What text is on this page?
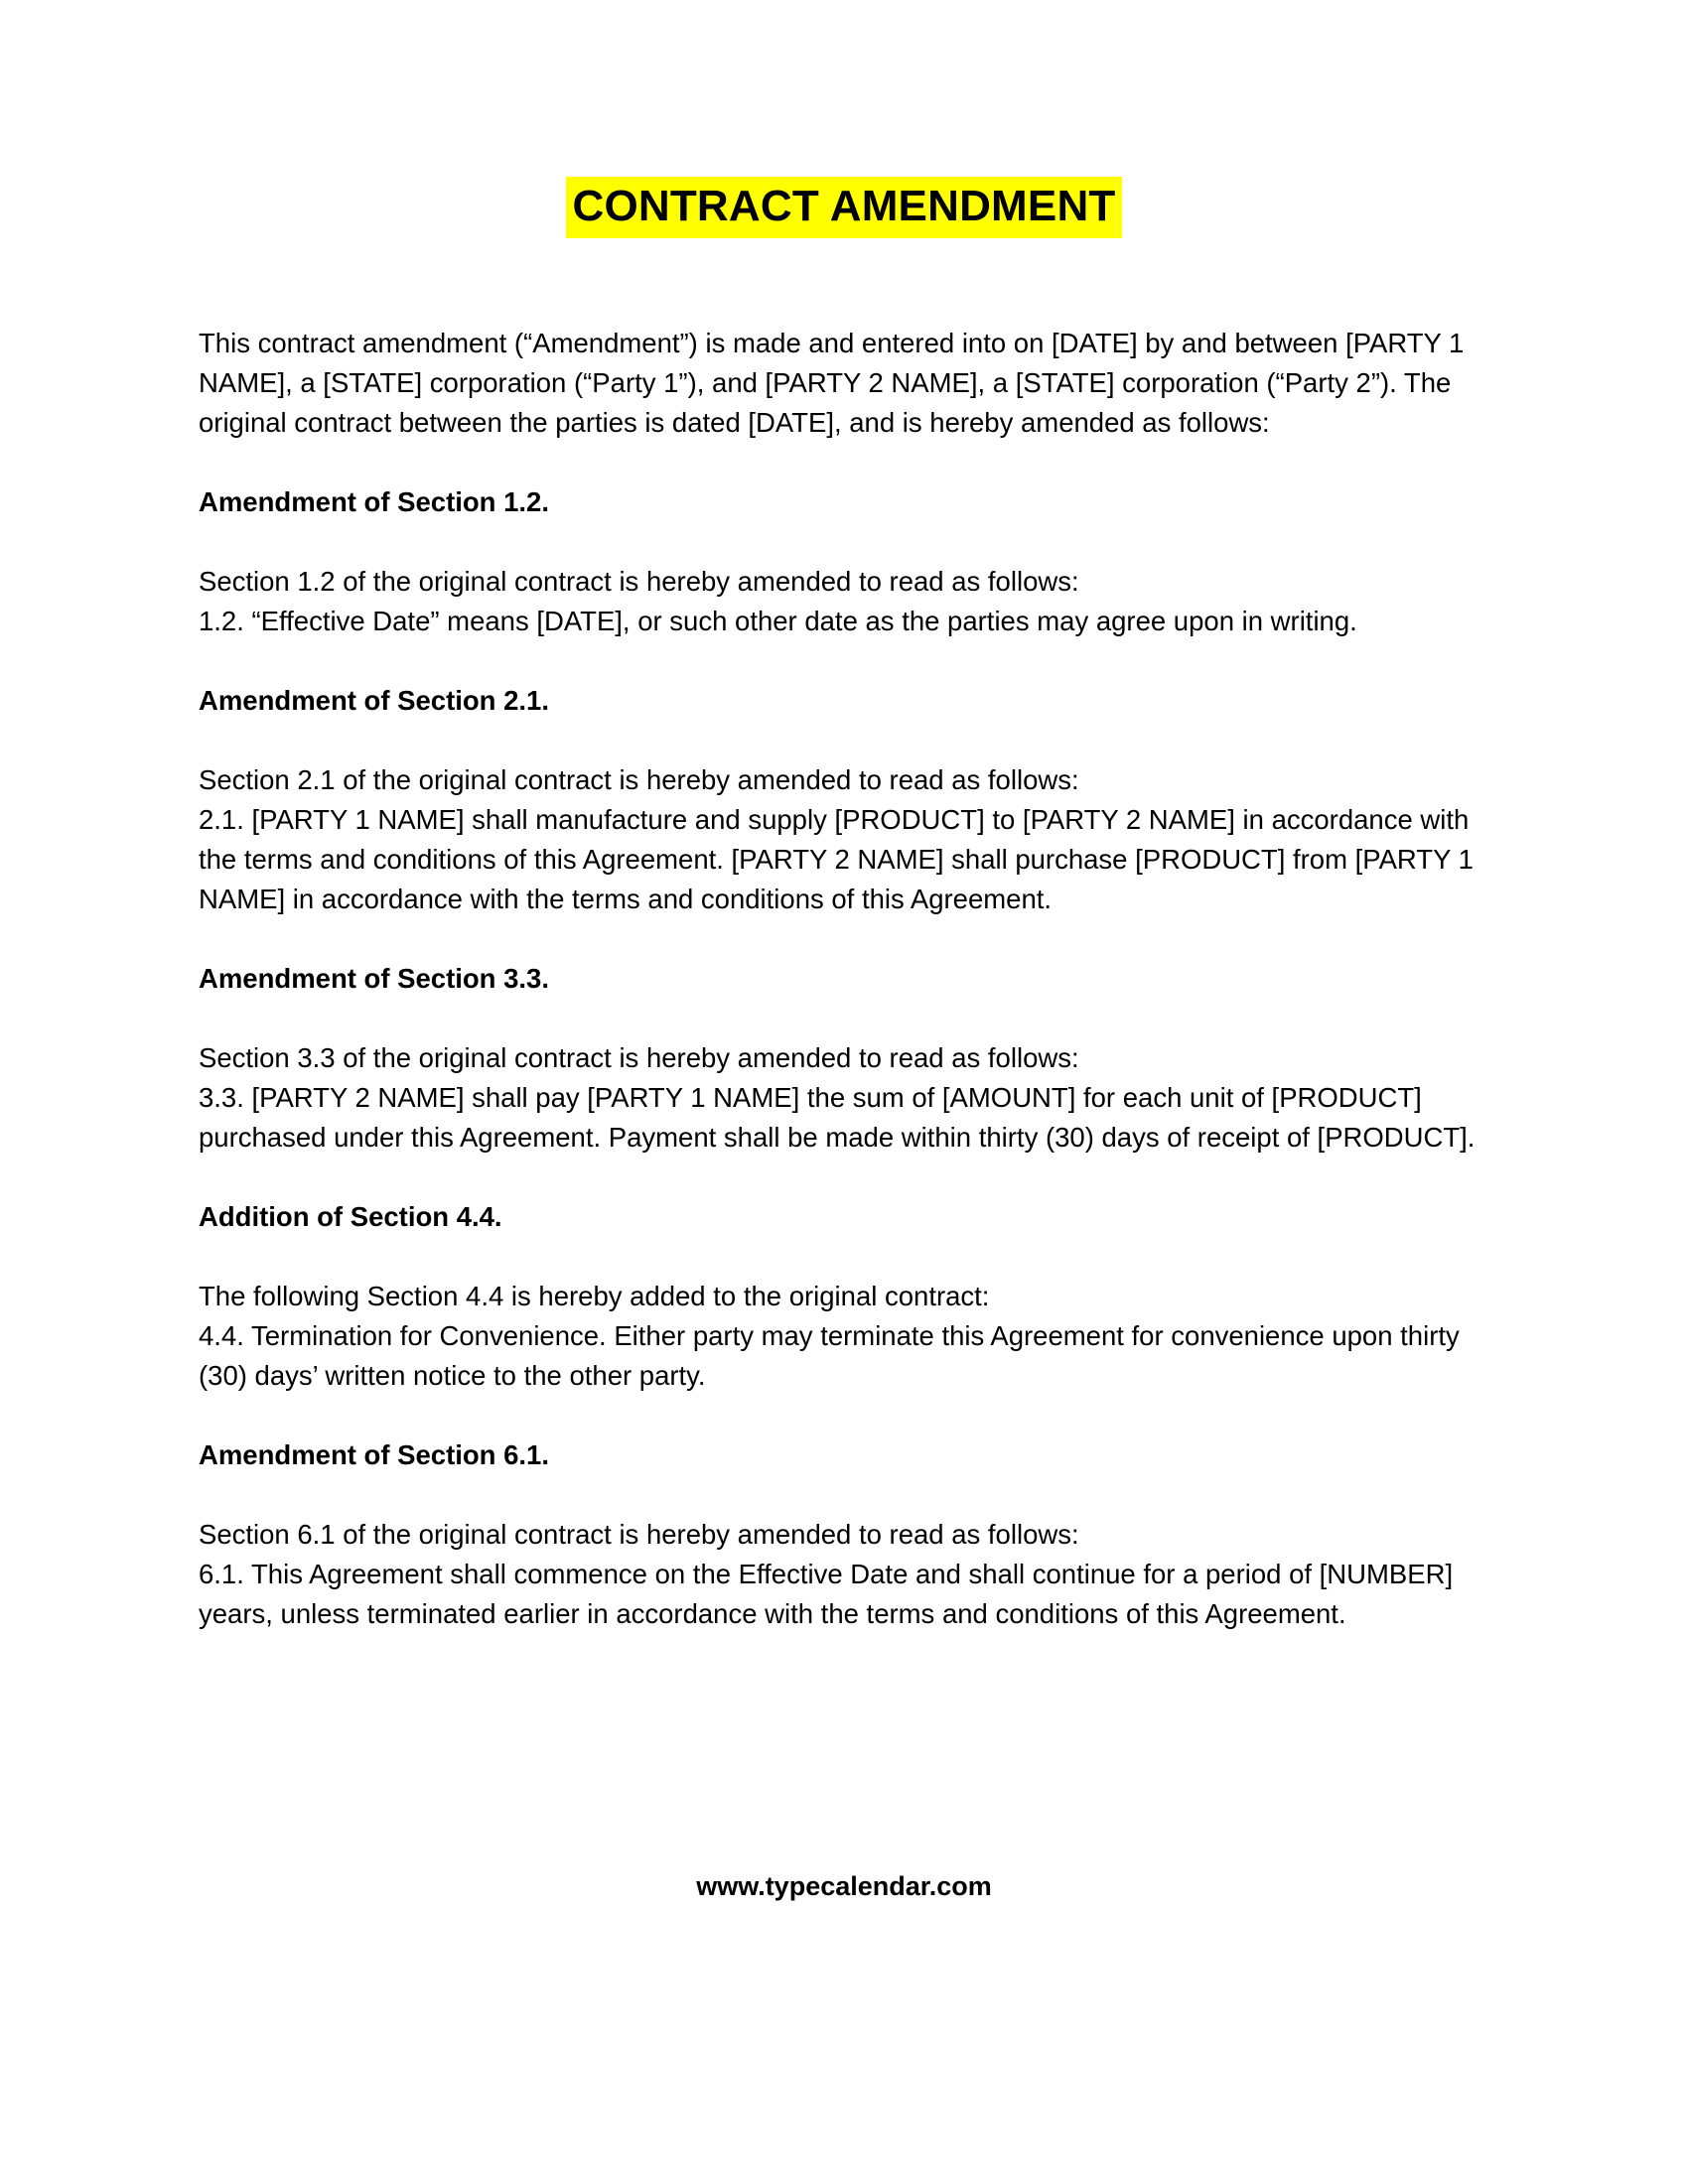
CONTRACT AMENDMENT

This contract amendment (“Amendment”) is made and entered into on [DATE] by and between [PARTY 1 NAME], a [STATE] corporation (“Party 1”), and [PARTY 2 NAME], a [STATE] corporation (“Party 2”). The original contract between the parties is dated [DATE], and is hereby amended as follows:

Amendment of Section 1.2.

Section 1.2 of the original contract is hereby amended to read as follows:

1.2. “Effective Date” means [DATE], or such other date as the parties may agree upon in writing.

Amendment of Section 2.1.

Section 2.1 of the original contract is hereby amended to read as follows:

2.1. [PARTY 1 NAME] shall manufacture and supply [PRODUCT] to [PARTY 2 NAME] in accordance with the terms and conditions of this Agreement. [PARTY 2 NAME] shall purchase [PRODUCT] from [PARTY 1 NAME] in accordance with the terms and conditions of this Agreement.

Amendment of Section 3.3.

Section 3.3 of the original contract is hereby amended to read as follows:

3.3. [PARTY 2 NAME] shall pay [PARTY 1 NAME] the sum of [AMOUNT] for each unit of [PRODUCT] purchased under this Agreement. Payment shall be made within thirty (30) days of receipt of [PRODUCT].

Addition of Section 4.4.

The following Section 4.4 is hereby added to the original contract:

4.4. Termination for Convenience. Either party may terminate this Agreement for convenience upon thirty (30) days’ written notice to the other party.

Amendment of Section 6.1.

Section 6.1 of the original contract is hereby amended to read as follows:

6.1. This Agreement shall commence on the Effective Date and shall continue for a period of [NUMBER] years, unless terminated earlier in accordance with the terms and conditions of this Agreement.

www.typecalendar.com
